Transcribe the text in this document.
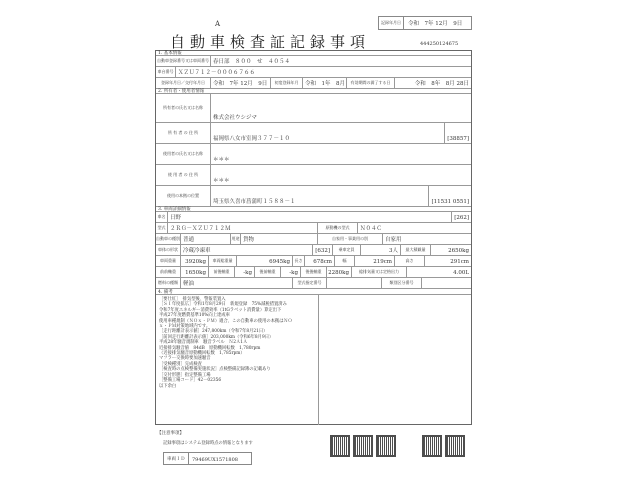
記録年月日	令和　7年 12月　9日
A
自動車検査証記録事項	444250124675
1. 基本情報
自動車登録番号又は車両番号 春日部　８００　せ　４０５４
車台番号 ＸＺＵ７１２－０００６７６６
登録年月日／交付年月日	令和　7年 12月　9日	初度登録年月	令和　1年　8月	有効期間の満了する日	令和　8年　8月 28日
2. 所有者・使用者情報
所有者の氏名又は名称
株式会社ウシジマ
所 有 者 の 住 所
福岡県八女市室岡３７７－１０	[38857]
使用者の氏名又は名称
＊＊＊
使 用 者 の 住 所
＊＊＊
使用の本拠の位置
埼玉県久喜市菖蒲町１５８８－１	[11531 0551]
3. 車両詳細情報
車名 日野	[262]
型式 ２ＲＧ－ＸＺＵ７１２Ｍ	原動機の型式	Ｎ０４Ｃ
自動車の種別 普通	用途 貨物	自家用・事業用の別	自家用
車体の形状 冷蔵冷凍車	[632]	乗車定員	3人	最大積載量	2650kg
車両重量	3920kg	車両総重量	6945kg	長さ	678cm	幅	219cm	高さ	291cm
前前軸重	1650kg	前後軸重	-kg	後前軸重	-kg	後後軸重	2280kg	総排気量又は定格出力	4.00L
燃料の種類 軽油	型式指定番号	類別区分番号
4. 備考
［要仕紅］　排気型後、警報装置入
［ＳＩ年度拡広］令和1年8月29日　新規登録　75%減税措置済み
令和7年度エネルギー消費効率（1tGラベット消費量）算定出下
平成27年度燃費基準10%向上達成車
使用車種規制（ＮＯｘ・ＰＭ）適合、この自動車の使用の本拠はＮＯ
ｘ・ＰＭ対策地域内です。
［走行距離計表示値］247,800km（令和7年8月21日）
［前回走行距離計表示値］203,000km（令和6年8月9日）
平成28年騒音規制車　騒音ラベル　Ｎ2Ａ1Ａ
近接排気騒音値　84dB　原動機回転数　1,780rpm
（近接排気騒音原動機回転数　1,785rpm）
マフラー交換時要加速騒音
［受検種別］完成検査
［検査時の点検整備実施状況］点検整備記録簿の記載あり
［交付形態］指定整備工場
［整備工場コード］42－02356
以下余白
【注意事項】
記録事項はシステム登録時点の情報となります
車両ＩＤ	79469UX1571808
